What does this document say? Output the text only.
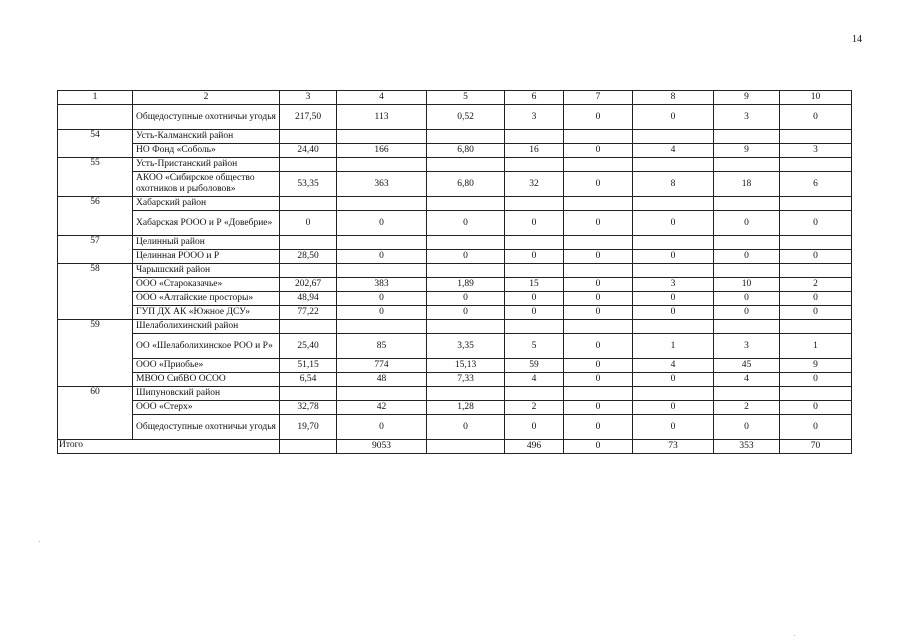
14
1	2	3	4	5	6	7	8	9	10
	Общедоступные охотничьи угодья	217,50	113	0,52	3	0	0	3	0
54	Усть-Калманский район								
	НО Фонд «Соболь»	24,40	166	6,80	16	0	4	9	3
55	Усть-Пристанский район								
	АКОО «Сибирское общество охотников и рыболовов»	53,35	363	6,80	32	0	8	18	6
56	Хабарский район								
	Хабарская РООО и Р «Довебрие»	0	0	0	0	0	0	0	0
57	Целинный район								
	Целинная РООО и Р	28,50	0	0	0	0	0	0	0
58	Чарышский район								
	ООО «Староказачье»	202,67	383	1,89	15	0	3	10	2
	ООО «Алтайские просторы»	48,94	0	0	0	0	0	0	0
	ГУП ДХ АК «Южное ДСУ»	77,22	0	0	0	0	0	0	0
59	Шелаболихинский район								
	ОО «Шелаболихинское РОО и Р»	25,40	85	3,35	5	0	1	3	1
	ООО «Приобье»	51,15	774	15,13	59	0	4	45	9
	МВОО СибВО ОСОО	6,54	48	7,33	4	0	0	4	0
60	Шипуновский район								
	ООО «Стерх»	32,78	42	1,28	2	0	0	2	0
	Общедоступные охотничьи угодья	19,70	0	0	0	0	0	0	0
Итого			9053		496	0	73	353	70
